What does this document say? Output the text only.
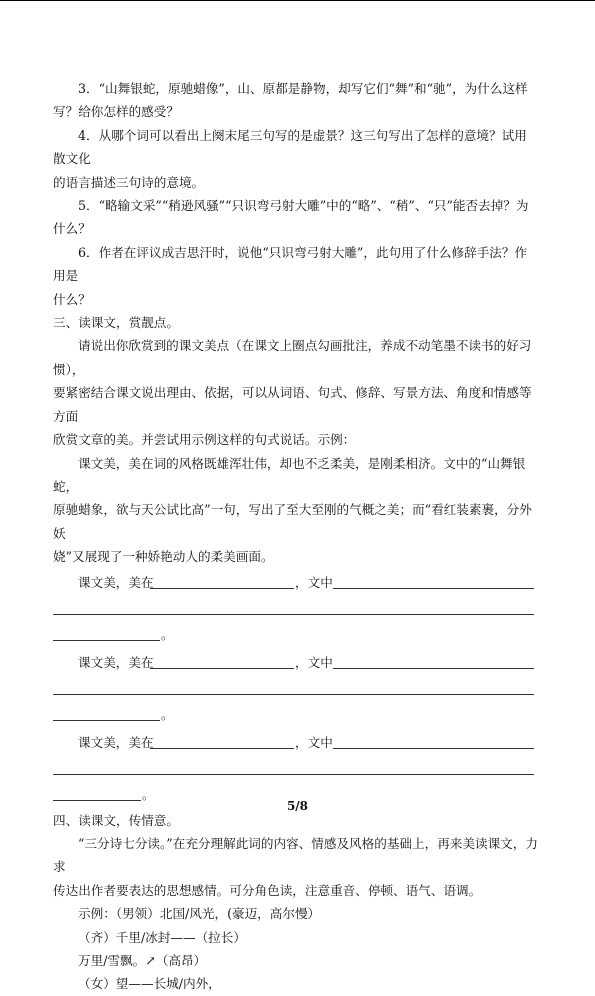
3．“山舞银蛇，原驰蜡像”，山、原都是静物，却写它们“舞”和“驰”，为什么这样

写？给你怎样的感受？

4．从哪个词可以看出上阕末尾三句写的是虚景？这三句写出了怎样的意境？试用散文化

的语言描述三句诗的意境。

5．“略输文采”“稍逊风骚”“只识弯弓射大雕”中的“略”、“稍”、“只”能否去掉？为

什么？

6．作者在评议成吉思汗时，说他“只识弯弓射大雕”，此句用了什么修辞手法？作用是

什么？

三、读课文，赏靓点。

请说出你欣赏到的课文美点（在课文上圈点勾画批注，养成不动笔墨不读书的好习惯），

要紧密结合课文说出理由、依据，可以从词语、句式、修辞、写景方法、角度和情感等方面

欣赏文章的美。并尝试用示例这样的句式说话。示例：

课文美，美在词的风格既雄浑壮伟，却也不乏柔美，是刚柔相济。文中的“山舞银蛇，

原驰蜡象，欲与天公试比高”一句，写出了至大至刚的气概之美；而“看红装素裹，分外妖

娆”又展现了一种娇艳动人的柔美画面。

课文美，美在	，文中
。
课文美，美在	，文中
。
课文美，美在	，文中
。

四、读课文，传情意。

“三分诗七分读。”在充分理解此词的内容、情感及风格的基础上，再来美读课文，力求

传达出作者要表达的思想感情。可分角色读，注意重音、停顿、语气、语调。

示例：（男领）北国/风光，(豪迈，高尔慢）

（齐）千里/冰封——（拉长）

万里/雪飘。↗（高昂）

（女）望——长城/内外，

5/8
